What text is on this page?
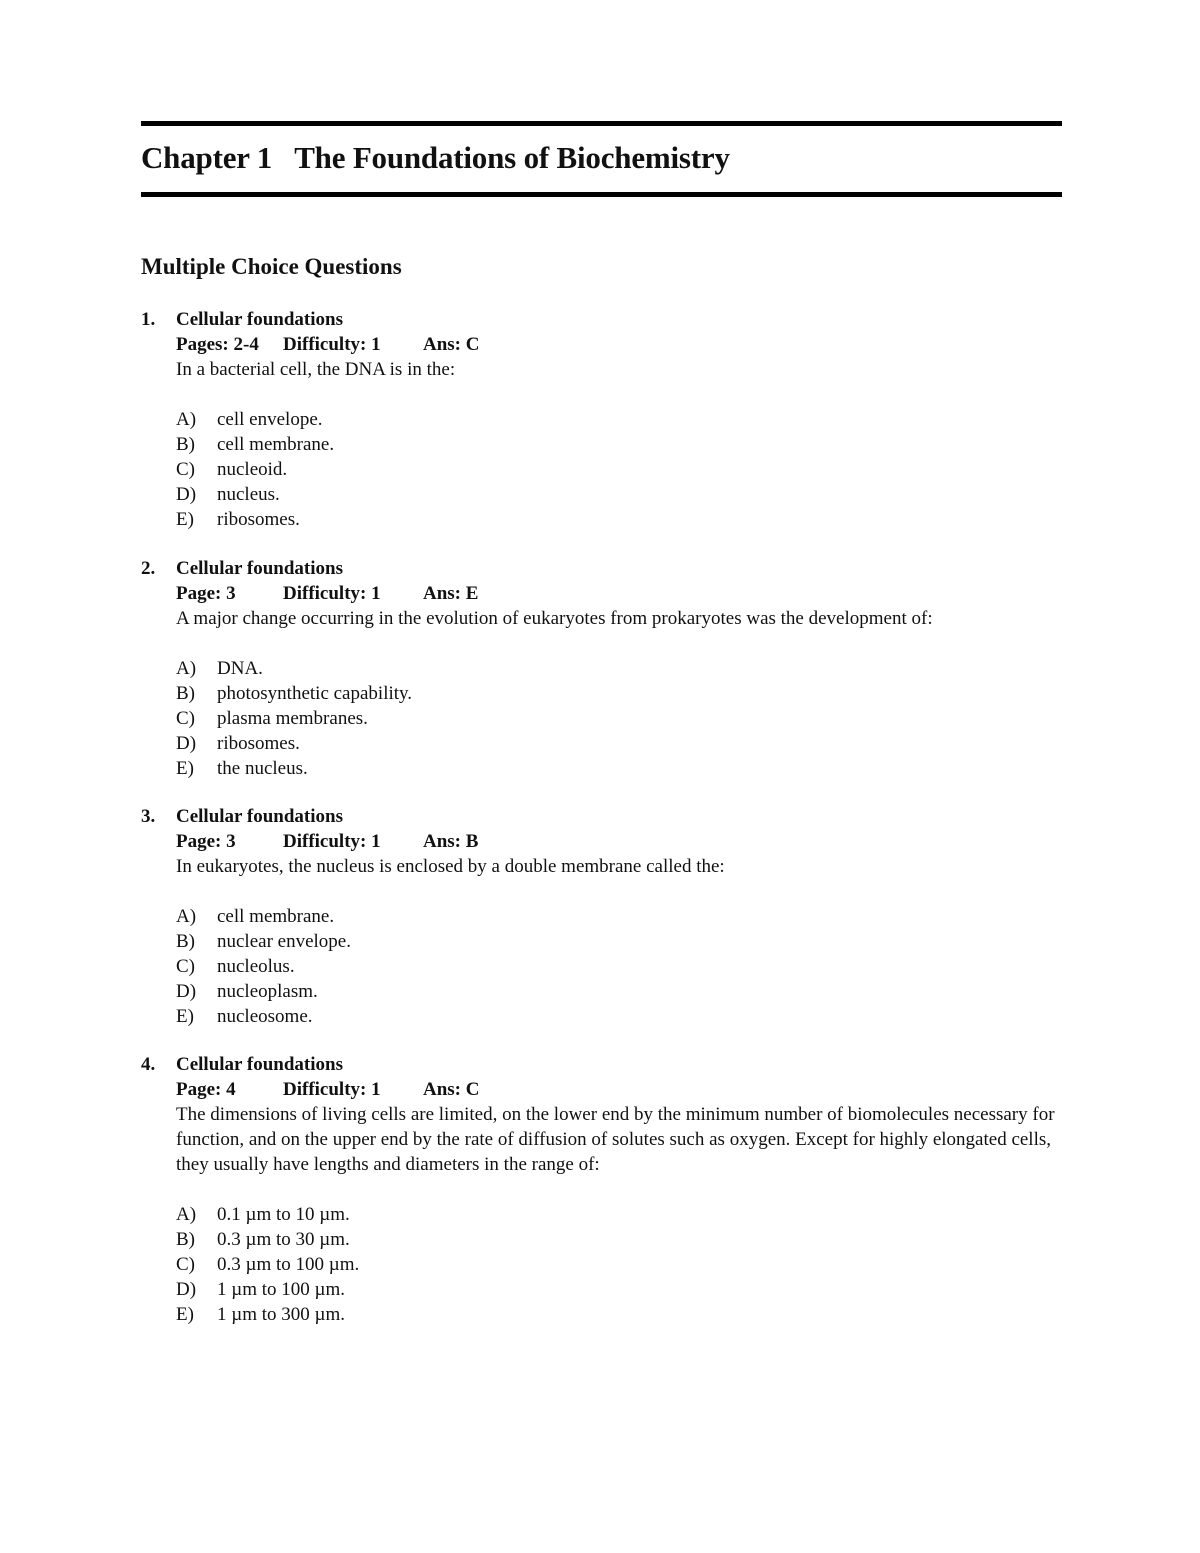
Chapter 1   The Foundations of Biochemistry
Multiple Choice Questions
1. Cellular foundations
Pages: 2-4 Difficulty: 1 Ans: C
In a bacterial cell, the DNA is in the:
A) cell envelope.
B) cell membrane.
C) nucleoid.
D) nucleus.
E) ribosomes.
2. Cellular foundations
Page: 3 Difficulty: 1 Ans: E
A major change occurring in the evolution of eukaryotes from prokaryotes was the development of:
A) DNA.
B) photosynthetic capability.
C) plasma membranes.
D) ribosomes.
E) the nucleus.
3. Cellular foundations
Page: 3 Difficulty: 1 Ans: B
In eukaryotes, the nucleus is enclosed by a double membrane called the:
A) cell membrane.
B) nuclear envelope.
C) nucleolus.
D) nucleoplasm.
E) nucleosome.
4. Cellular foundations
Page: 4 Difficulty: 1 Ans: C
The dimensions of living cells are limited, on the lower end by the minimum number of biomolecules necessary for function, and on the upper end by the rate of diffusion of solutes such as oxygen. Except for highly elongated cells, they usually have lengths and diameters in the range of:
A) 0.1 µm to 10 µm.
B) 0.3 µm to 30 µm.
C) 0.3 µm to 100 µm.
D) 1 µm to 100 µm.
E) 1 µm to 300 µm.
